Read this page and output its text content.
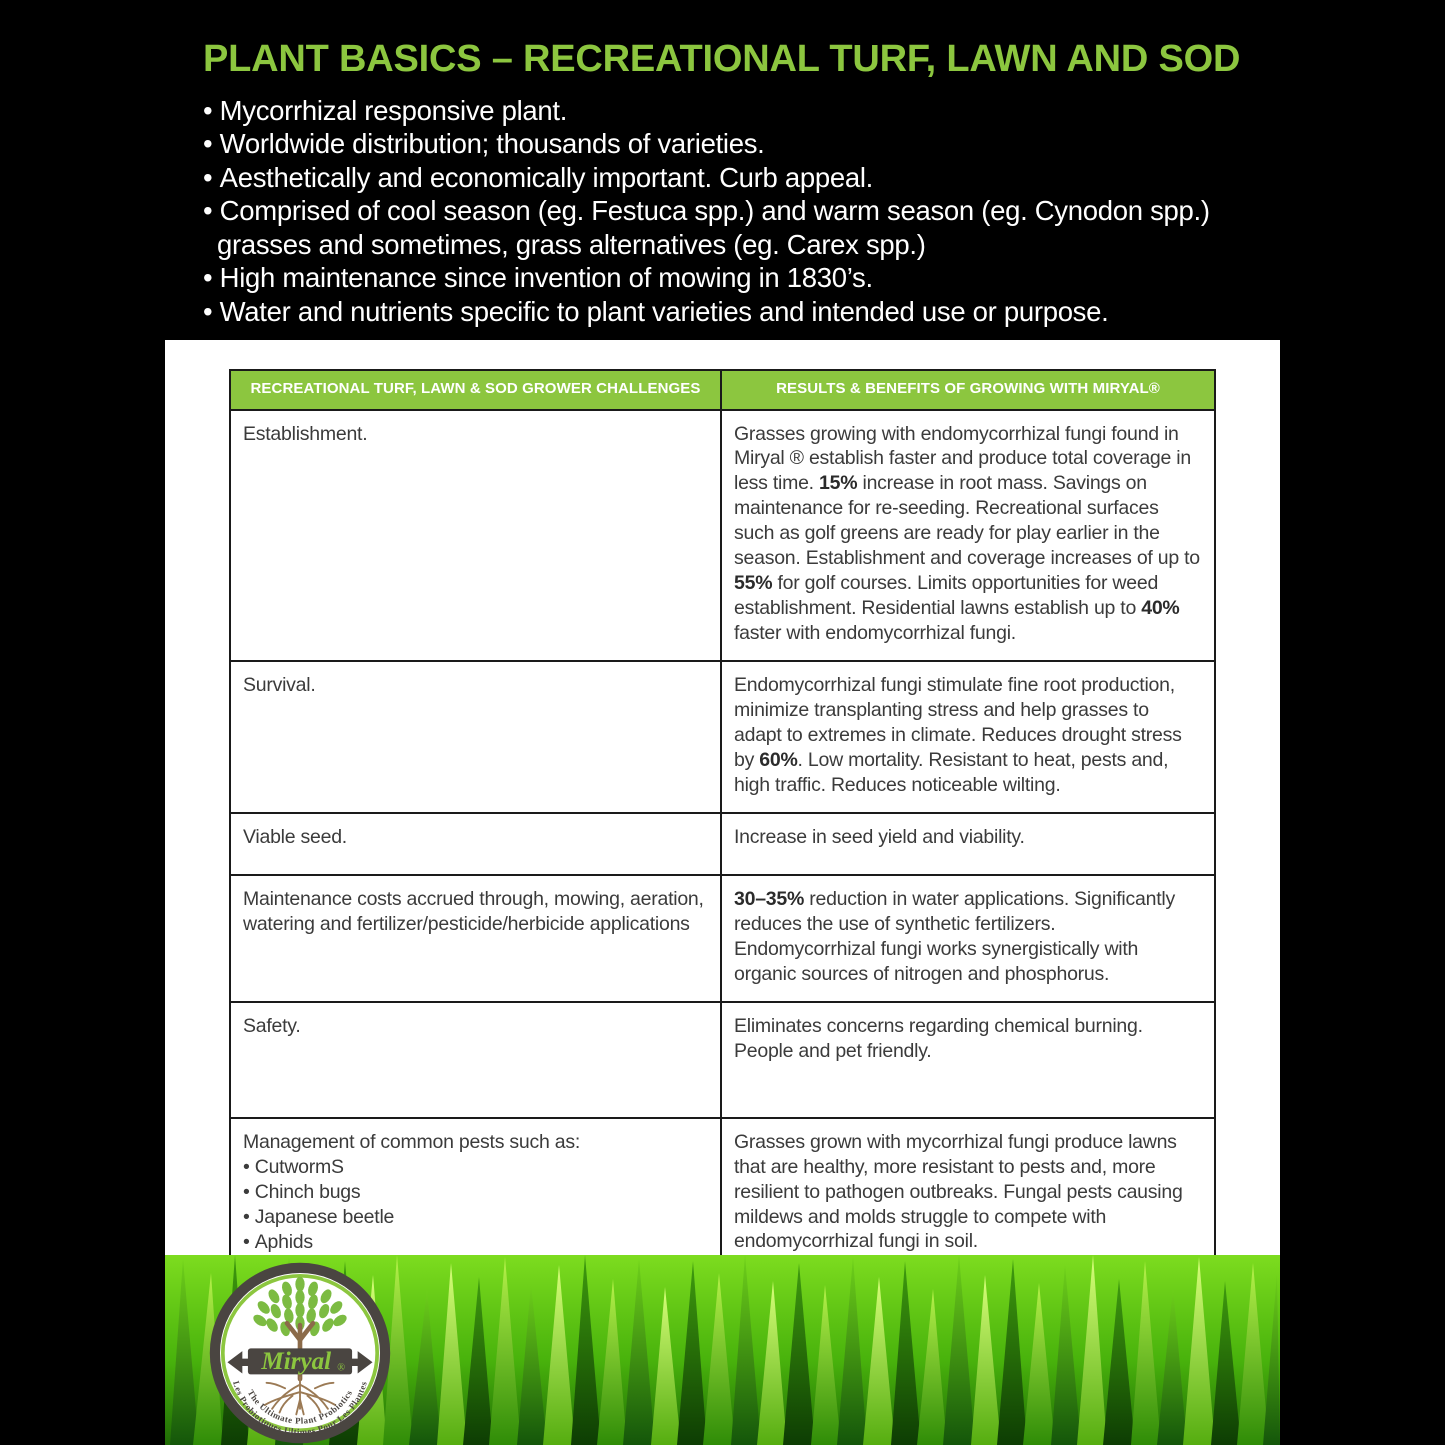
PLANT BASICS – RECREATIONAL TURF, LAWN AND SOD
• Mycorrhizal responsive plant.
• Worldwide distribution; thousands of varieties.
• Aesthetically and economically important. Curb appeal.
• Comprised of cool season (eg. Festuca spp.) and warm season (eg. Cynodon spp.) grasses and sometimes, grass alternatives (eg. Carex spp.)
• High maintenance since invention of mowing in 1830’s.
• Water and nutrients specific to plant varieties and intended use or purpose.
RECREATIONAL TURF, LAWN & SOD GROWER CHALLENGES	RESULTS & BENEFITS OF GROWING WITH MIRYAL®

Establishment.	Grasses growing with endomycorrhizal fungi found in Miryal ® establish faster and produce total coverage in less time. 15% increase in root mass. Savings on maintenance for re-seeding. Recreational surfaces such as golf greens are ready for play earlier in the season. Establishment and coverage increases of up to 55% for golf courses. Limits opportunities for weed establishment. Residential lawns establish up to 40% faster with endomycorrhizal fungi.

Survival.	Endomycorrhizal fungi stimulate fine root production, minimize transplanting stress and help grasses to adapt to extremes in climate. Reduces drought stress by 60%. Low mortality. Resistant to heat, pests and, high traffic. Reduces noticeable wilting.

Viable seed.	Increase in seed yield and viability.

Maintenance costs accrued through, mowing, aeration, watering and fertilizer/pesticide/herbicide applications	30–35% reduction in water applications. Significantly reduces the use of synthetic fertilizers. Endomycorrhizal fungi works synergistically with organic sources of nitrogen and phosphorus.

Safety.	Eliminates concerns regarding chemical burning. People and pet friendly.

Management of common pests such as:
• CutwormS
• Chinch bugs
• Japanese beetle
• Aphids
•
•
	Grasses grown with mycorrhizal fungi produce lawns that are healthy, more resistant to pests and, more resilient to pathogen outbreaks. Fungal pests causing mildews and molds struggle to compete with endomycorrhizal fungi in soil.
Miryal ®
The Ultimate Plant Probiotics
Les Probiotiques Ultimes Pour Les Plantes
